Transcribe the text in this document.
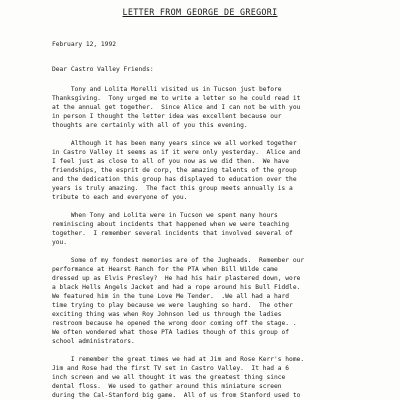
LETTER FROM GEORGE DE GREGORI
February 12, 1992
Dear Castro Valley Friends:
Tony and Lolita Morelli visited us in Tucson just before
Thanksgiving.  Tony urged me to write a letter so he could read it
at the annual get together.  Since Alice and I can not be with you
in person I thought the letter idea was excellent because our
thoughts are certainly with all of you this evening.
Although it has been many years since we all worked together
in Castro Valley it seems as if it were only yesterday.  Alice and
I feel just as close to all of you now as we did then.  We have
friendships, the esprit de corp, the amazing talents of the group
and the dedication this group has displayed to education over the
years is truly amazing.  The fact this group meets annually is a
tribute to each and everyone of you.
When Tony and Lolita were in Tucson we spent many hours
reminiscing about incidents that happened when we were teaching
together.  I remember several incidents that involved several of
you.
Some of my fondest memories are of the Jugheads.  Remember our
performance at Hearst Ranch for the PTA when Bill Wilde came
dressed up as Elvis Presley?  He had his hair plastered down, wore
a black Hells Angels Jacket and had a rope around his Bull Fiddle.
We featured him in the tune Love Me Tender.  .We all had a hard
time trying to play because we were laughing so hard.  The other
exciting thing was when Roy Johnson led us through the ladies
restroom because he opened the wrong door coming off the stage. .
We often wondered what those PTA ladies though of this group of
school administrators.
I remember the great times we had at Jim and Rose Kerr's home.
Jim and Rose had the first TV set in Castro Valley.  It had a 6
inch screen and we all thought it was the greatest thing since
dental floss.  We used to gather around this miniature screen
during the Cal-Stanford big game.  All of us from Stanford used to
